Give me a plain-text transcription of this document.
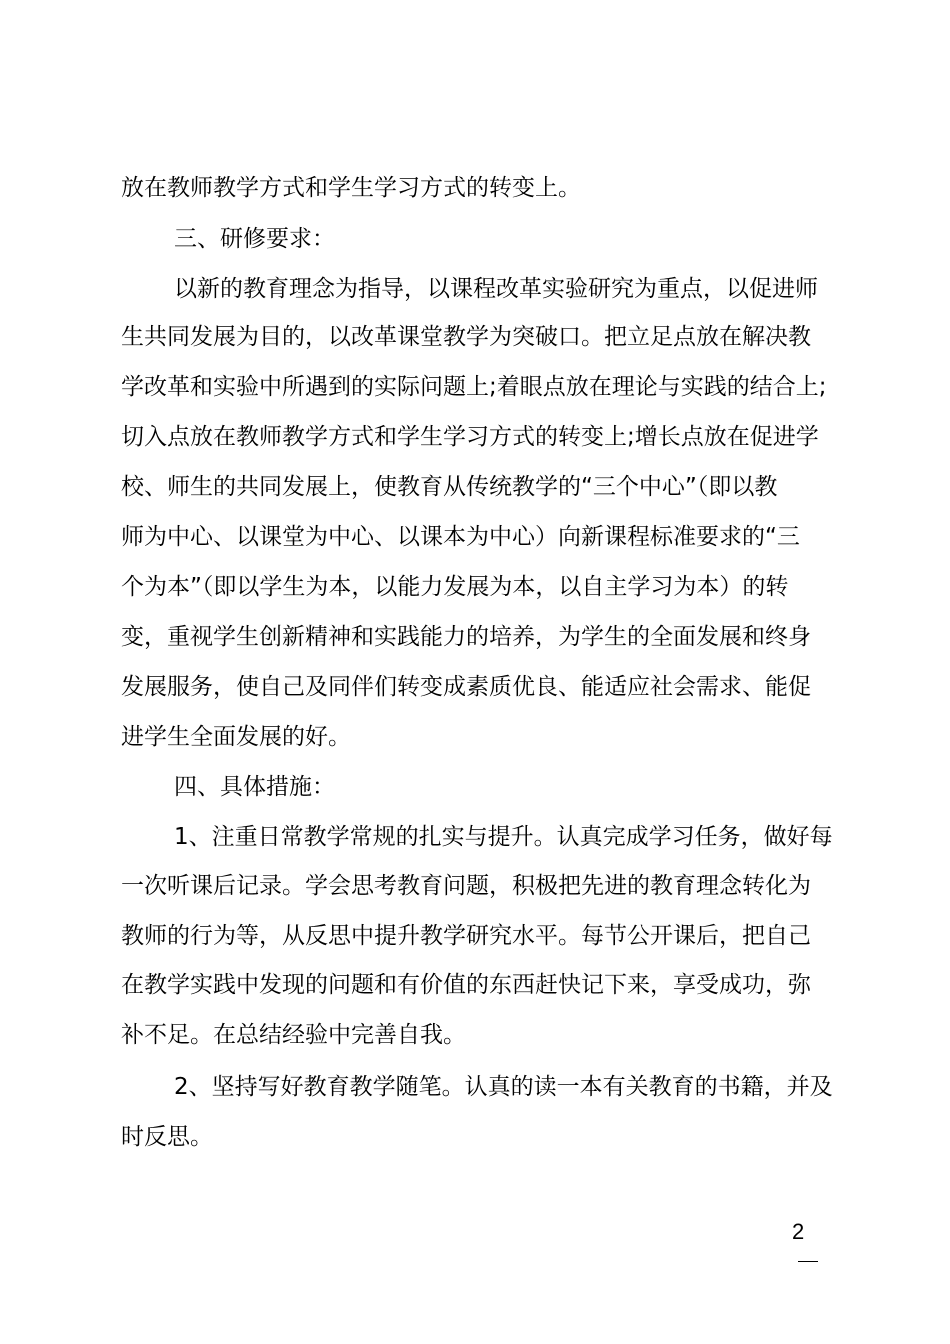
放在教师教学方式和学生学习方式的转变上。
三、研修要求：
以新的教育理念为指导，以课程改革实验研究为重点，以促进师
生共同发展为目的，以改革课堂教学为突破口。把立足点放在解决教
学改革和实验中所遇到的实际问题上;着眼点放在理论与实践的结合上;
切入点放在教师教学方式和学生学习方式的转变上;增长点放在促进学
校、师生的共同发展上，使教育从传统教学的“三个中心”（即以教
师为中心、以课堂为中心、以课本为中心）向新课程标准要求的“三
个为本”（即以学生为本，以能力发展为本，以自主学习为本）的转
变，重视学生创新精神和实践能力的培养，为学生的全面发展和终身
发展服务，使自己及同伴们转变成素质优良、能适应社会需求、能促
进学生全面发展的好。
四、具体措施：
1、注重日常教学常规的扎实与提升。认真完成学习任务，做好每
一次听课后记录。学会思考教育问题，积极把先进的教育理念转化为
教师的行为等，从反思中提升教学研究水平。每节公开课后，把自己
在教学实践中发现的问题和有价值的东西赶快记下来，享受成功，弥
补不足。在总结经验中完善自我。
2、坚持写好教育教学随笔。认真的读一本有关教育的书籍，并及
时反思。
2
